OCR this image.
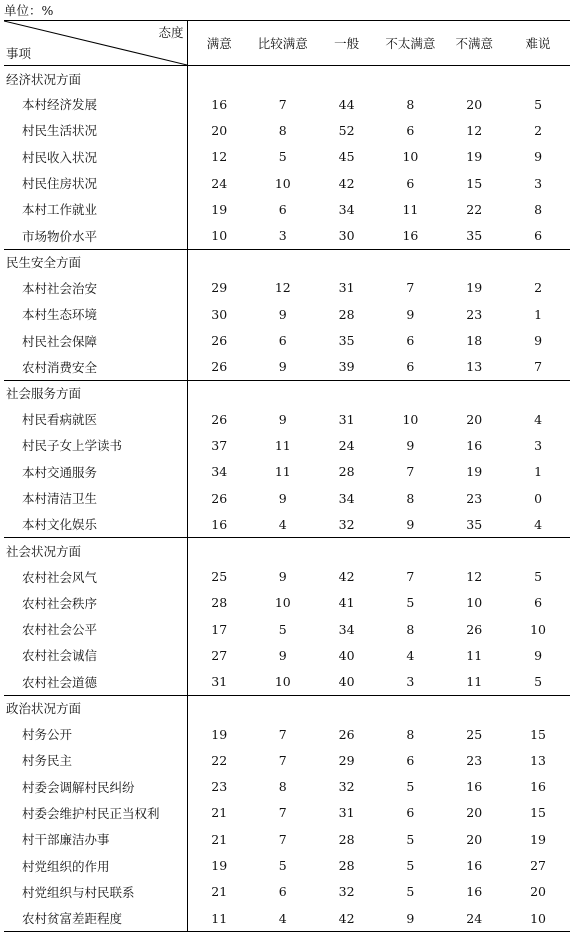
单位：%
态度
事项	满意	比较满意	一般	不太满意	不满意	难说
经济状况方面						
本村经济发展	16	7	44	8	20	5
村民生活状况	20	8	52	6	12	2
村民收入状况	12	5	45	10	19	9
村民住房状况	24	10	42	6	15	3
本村工作就业	19	6	34	11	22	8
市场物价水平	10	3	30	16	35	6
民生安全方面						
本村社会治安	29	12	31	7	19	2
本村生态环境	30	9	28	9	23	1
村民社会保障	26	6	35	6	18	9
农村消费安全	26	9	39	6	13	7
社会服务方面						
村民看病就医	26	9	31	10	20	4
村民子女上学读书	37	11	24	9	16	3
本村交通服务	34	11	28	7	19	1
本村清洁卫生	26	9	34	8	23	0
本村文化娱乐	16	4	32	9	35	4
社会状况方面						
农村社会风气	25	9	42	7	12	5
农村社会秩序	28	10	41	5	10	6
农村社会公平	17	5	34	8	26	10
农村社会诚信	27	9	40	4	11	9
农村社会道德	31	10	40	3	11	5
政治状况方面						
村务公开	19	7	26	8	25	15
村务民主	22	7	29	6	23	13
村委会调解村民纠纷	23	8	32	5	16	16
村委会维护村民正当权利	21	7	31	6	20	15
村干部廉洁办事	21	7	28	5	20	19
村党组织的作用	19	5	28	5	16	27
村党组织与村民联系	21	6	32	5	16	20
农村贫富差距程度	11	4	42	9	24	10
